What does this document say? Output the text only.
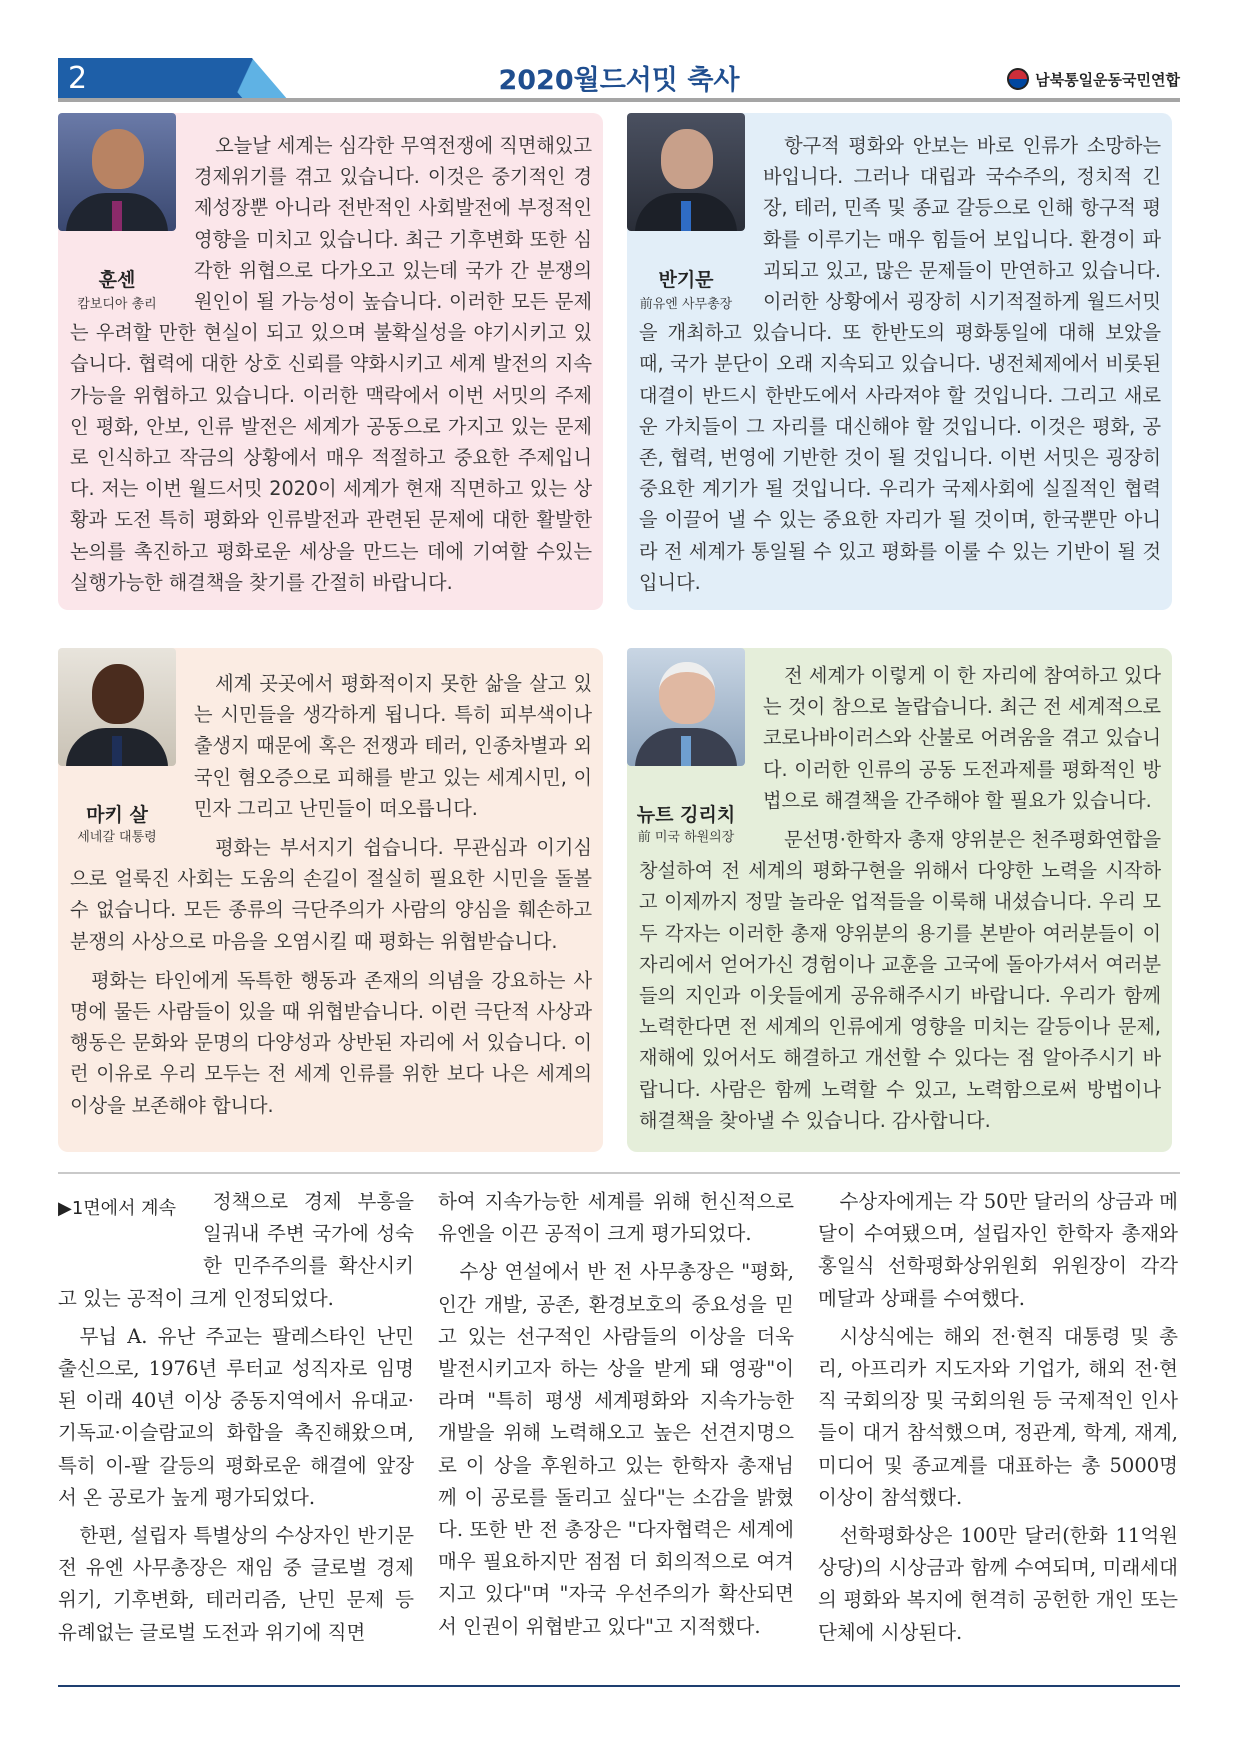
2	2020월드서밋 축사	남북통일운동국민연합
훈센
캄보디아 총리
오늘날 세계는 심각한 무역전쟁에 직면해있고 경제위기를 겪고 있습니다. 이것은 중기적인 경제성장뿐 아니라 전반적인 사회발전에 부정적인 영향을 미치고 있습니다. 최근 기후변화 또한 심각한 위협으로 다가오고 있는데 국가 간 분쟁의 원인이 될 가능성이 높습니다. 이러한 모든 문제는 우려할 만한 현실이 되고 있으며 불확실성을 야기시키고 있습니다. 협력에 대한 상호 신뢰를 약화시키고 세계 발전의 지속가능을 위협하고 있습니다. 이러한 맥락에서 이번 서밋의 주제인 평화, 안보, 인류 발전은 세계가 공동으로 가지고 있는 문제로 인식하고 작금의 상황에서 매우 적절하고 중요한 주제입니다. 저는 이번 월드서밋 2020이 세계가 현재 직면하고 있는 상황과 도전 특히 평화와 인류발전과 관련된 문제에 대한 활발한 논의를 촉진하고 평화로운 세상을 만드는 데에 기여할 수있는 실행가능한 해결책을 찾기를 간절히 바랍니다.
반기문
前유엔 사무총장
항구적 평화와 안보는 바로 인류가 소망하는 바입니다. 그러나 대립과 국수주의, 정치적 긴장, 테러, 민족 및 종교 갈등으로 인해 항구적 평화를 이루기는 매우 힘들어 보입니다. 환경이 파괴되고 있고, 많은 문제들이 만연하고 있습니다. 이러한 상황에서 굉장히 시기적절하게 월드서밋을 개최하고 있습니다. 또 한반도의 평화통일에 대해 보았을 때, 국가 분단이 오래 지속되고 있습니다. 냉전체제에서 비롯된 대결이 반드시 한반도에서 사라져야 할 것입니다. 그리고 새로운 가치들이 그 자리를 대신해야 할 것입니다. 이것은 평화, 공존, 협력, 번영에 기반한 것이 될 것입니다. 이번 서밋은 굉장히 중요한 계기가 될 것입니다. 우리가 국제사회에 실질적인 협력을 이끌어 낼 수 있는 중요한 자리가 될 것이며, 한국뿐만 아니라 전 세계가 통일될 수 있고 평화를 이룰 수 있는 기반이 될 것입니다.
마키 살
세네갈 대통령

세계 곳곳에서 평화적이지 못한 삶을 살고 있는 시민들을 생각하게 됩니다. 특히 피부색이나 출생지 때문에 혹은 전쟁과 테러, 인종차별과 외국인 혐오증으로 피해를 받고 있는 세계시민, 이민자 그리고 난민들이 떠오릅니다.

평화는 부서지기 쉽습니다. 무관심과 이기심으로 얼룩진 사회는 도움의 손길이 절실히 필요한 시민을 돌볼 수 없습니다. 모든 종류의 극단주의가 사람의 양심을 훼손하고 분쟁의 사상으로 마음을 오염시킬 때 평화는 위협받습니다.

평화는 타인에게 독특한 행동과 존재의 의념을 강요하는 사명에 물든 사람들이 있을 때 위협받습니다. 이런 극단적 사상과 행동은 문화와 문명의 다양성과 상반된 자리에 서 있습니다. 이런 이유로 우리 모두는 전 세계 인류를 위한 보다 나은 세계의 이상을 보존해야 합니다.

뉴트 깅리치
前 미국 하원의장

전 세계가 이렇게 이 한 자리에 참여하고 있다는 것이 참으로 놀랍습니다. 최근 전 세계적으로 코로나바이러스와 산불로 어려움을 겪고 있습니다. 이러한 인류의 공동 도전과제를 평화적인 방법으로 해결책을 간주해야 할 필요가 있습니다.

문선명·한학자 총재 양위분은 천주평화연합을 창설하여 전 세계의 평화구현을 위해서 다양한 노력을 시작하고 이제까지 정말 놀라운 업적들을 이룩해 내셨습니다. 우리 모두 각자는 이러한 총재 양위분의 용기를 본받아 여러분들이 이 자리에서 얻어가신 경험이나 교훈을 고국에 돌아가셔서 여러분들의 지인과 이웃들에게 공유해주시기 바랍니다. 우리가 함께 노력한다면 전 세계의 인류에게 영향을 미치는 갈등이나 문제, 재해에 있어서도 해결하고 개선할 수 있다는 점 알아주시기 바랍니다. 사람은 함께 노력할 수 있고, 노력함으로써 방법이나 해결책을 찾아낼 수 있습니다. 감사합니다.

▶1면에서 계속	정책으로 경제 부흥을 일궈내 주변 국가에 성숙한 민주주의를 확산시키고 있는 공적이 크게 인정되었다.

무닙 A. 유난 주교는 팔레스타인 난민 출신으로, 1976년 루터교 성직자로 임명된 이래 40년 이상 중동지역에서 유대교·기독교·이슬람교의 화합을 촉진해왔으며, 특히 이-팔 갈등의 평화로운 해결에 앞장서 온 공로가 높게 평가되었다.

한편, 설립자 특별상의 수상자인 반기문 전 유엔 사무총장은 재임 중 글로벌 경제위기, 기후변화, 테러리즘, 난민 문제 등 유례없는 글로벌 도전과 위기에 직면

하여 지속가능한 세계를 위해 헌신적으로 유엔을 이끈 공적이 크게 평가되었다.

수상 연설에서 반 전 사무총장은 "평화, 인간 개발, 공존, 환경보호의 중요성을 믿고 있는 선구적인 사람들의 이상을 더욱 발전시키고자 하는 상을 받게 돼 영광"이라며 "특히 평생 세계평화와 지속가능한 개발을 위해 노력해오고 높은 선견지명으로 이 상을 후원하고 있는 한학자 총재님께 이 공로를 돌리고 싶다"는 소감을 밝혔다. 또한 반 전 총장은 "다자협력은 세계에 매우 필요하지만 점점 더 회의적으로 여겨지고 있다"며 "자국 우선주의가 확산되면서 인권이 위협받고 있다"고 지적했다.

수상자에게는 각 50만 달러의 상금과 메달이 수여됐으며, 설립자인 한학자 총재와 홍일식 선학평화상위원회 위원장이 각각 메달과 상패를 수여했다.

시상식에는 해외 전·현직 대통령 및 총리, 아프리카 지도자와 기업가, 해외 전·현직 국회의장 및 국회의원 등 국제적인 인사들이 대거 참석했으며, 정관계, 학계, 재계, 미디어 및 종교계를 대표하는 총 5000명 이상이 참석했다.

선학평화상은 100만 달러(한화 11억원 상당)의 시상금과 함께 수여되며, 미래세대의 평화와 복지에 현격히 공헌한 개인 또는 단체에 시상된다.
